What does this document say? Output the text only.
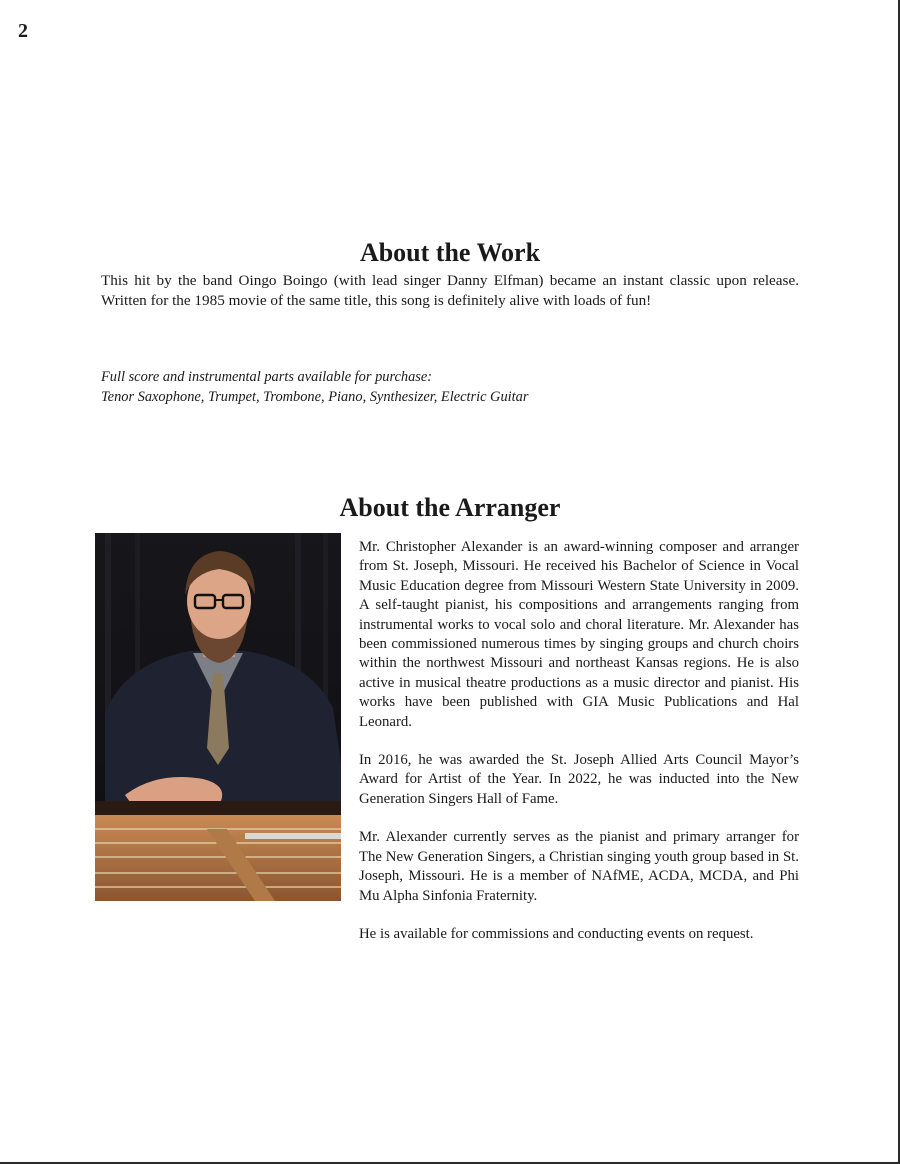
2
About the Work

This hit by the band Oingo Boingo (with lead singer Danny Elfman) became an instant classic upon release. Written for the 1985 movie of the same title, this song is definitely alive with loads of fun!

Full score and instrumental parts available for purchase:
Tenor Saxophone, Trumpet, Trombone, Piano, Synthesizer, Electric Guitar
About the Arranger

Mr. Christopher Alexander is an award-winning composer and arranger from St. Joseph, Missouri. He received his Bachelor of Science in Vocal Music Education degree from Missouri Western State University in 2009. A self-taught pianist, his compositions and arrangements ranging from instrumental works to vocal solo and choral literature. Mr. Alexander has been commissioned numerous times by singing groups and church choirs within the northwest Missouri and northeast Kansas regions. He is also active in musical theatre productions as a music director and pianist. His works have been published with GIA Music Publications and Hal Leonard.

In 2016, he was awarded the St. Joseph Allied Arts Council Mayor’s Award for Artist of the Year. In 2022, he was inducted into the New Generation Singers Hall of Fame.

Mr. Alexander currently serves as the pianist and primary arranger for The New Generation Singers, a Christian singing youth group based in St. Joseph, Missouri. He is a member of NAfME, ACDA, MCDA, and Phi Mu Alpha Sinfonia Fraternity.

He is available for commissions and conducting events on request.
